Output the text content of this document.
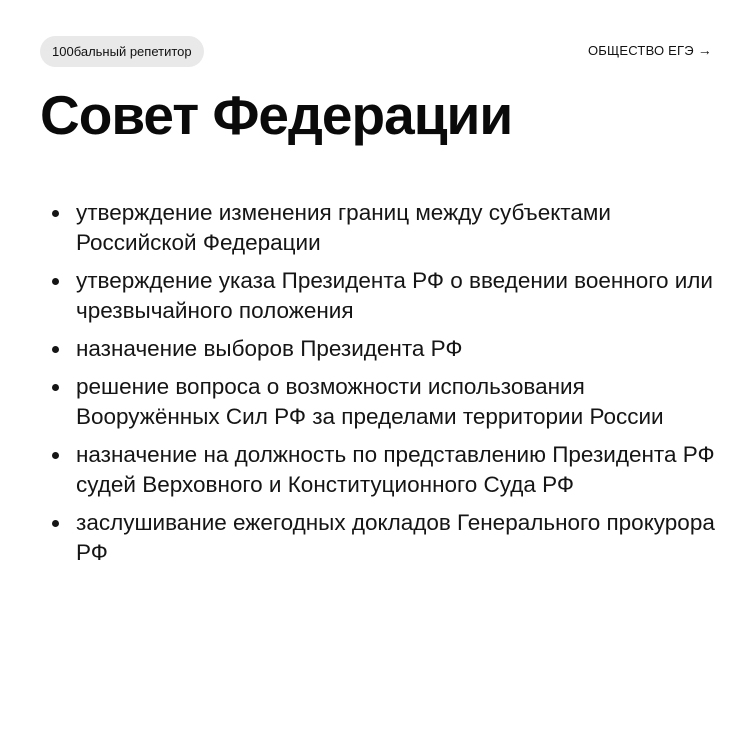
100бальный репетитор	ОБЩЕСТВО ЕГЭ →
Совет Федерации
утверждение изменения границ между субъектами Российской Федерации
утверждение указа Президента РФ о введении военного или чрезвычайного положения
назначение выборов Президента РФ
решение вопроса о возможности использования Вооружённых Сил РФ за пределами территории России
назначение на должность по представлению Президента РФ судей Верховного и Конституционного Суда РФ
заслушивание ежегодных докладов Генерального прокурора РФ
